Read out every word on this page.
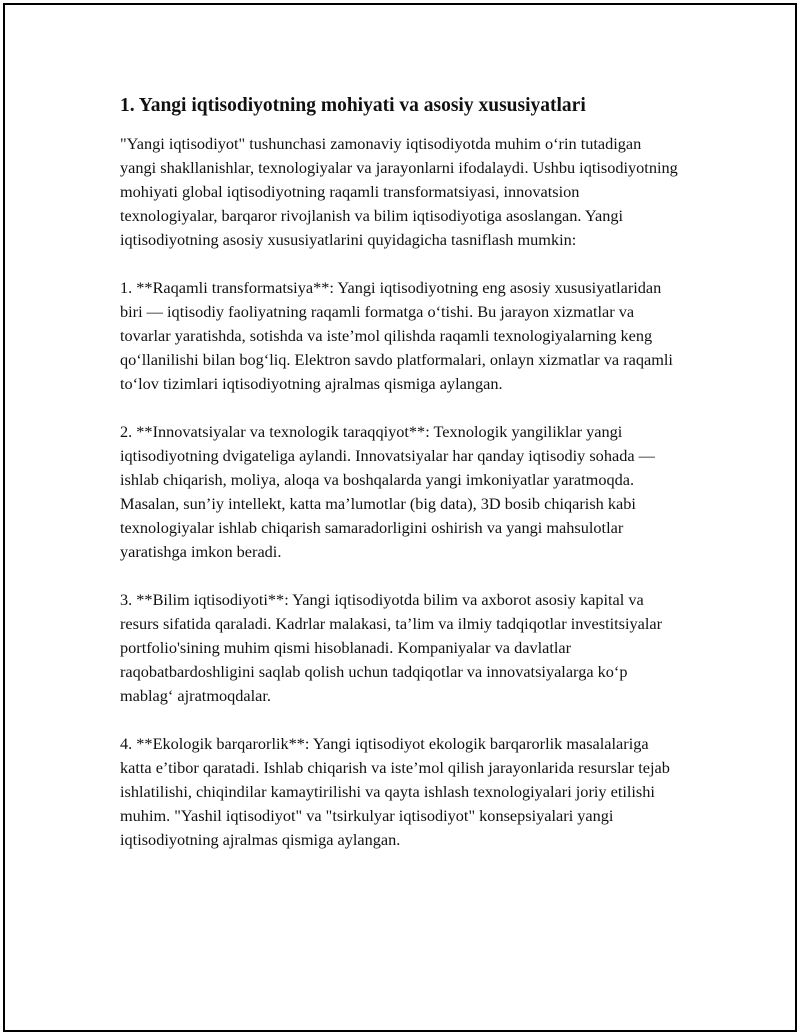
1. Yangi iqtisodiyotning mohiyati va asosiy xususiyatlari

"Yangi iqtisodiyot" tushunchasi zamonaviy iqtisodiyotda muhim o‘rin tutadigan yangi shakllanishlar, texnologiyalar va jarayonlarni ifodalaydi. Ushbu iqtisodiyotning mohiyati global iqtisodiyotning raqamli transformatsiyasi, innovatsion texnologiyalar, barqaror rivojlanish va bilim iqtisodiyotiga asoslangan. Yangi iqtisodiyotning asosiy xususiyatlarini quyidagicha tasniflash mumkin:

1. **Raqamli transformatsiya**: Yangi iqtisodiyotning eng asosiy xususiyatlaridan biri — iqtisodiy faoliyatning raqamli formatga o‘tishi. Bu jarayon xizmatlar va tovarlar yaratishda, sotishda va iste’mol qilishda raqamli texnologiyalarning keng qo‘llanilishi bilan bog‘liq. Elektron savdo platformalari, onlayn xizmatlar va raqamli to‘lov tizimlari iqtisodiyotning ajralmas qismiga aylangan.

2. **Innovatsiyalar va texnologik taraqqiyot**: Texnologik yangiliklar yangi iqtisodiyotning dvigateliga aylandi. Innovatsiyalar har qanday iqtisodiy sohada — ishlab chiqarish, moliya, aloqa va boshqalarda yangi imkoniyatlar yaratmoqda. Masalan, sun’iy intellekt, katta ma’lumotlar (big data), 3D bosib chiqarish kabi texnologiyalar ishlab chiqarish samaradorligini oshirish va yangi mahsulotlar yaratishga imkon beradi.

3. **Bilim iqtisodiyoti**: Yangi iqtisodiyotda bilim va axborot asosiy kapital va resurs sifatida qaraladi. Kadrlar malakasi, ta’lim va ilmiy tadqiqotlar investitsiyalar portfolio'sining muhim qismi hisoblanadi. Kompaniyalar va davlatlar raqobatbardoshligini saqlab qolish uchun tadqiqotlar va innovatsiyalarga ko‘p mablag‘ ajratmoqdalar.

4. **Ekologik barqarorlik**: Yangi iqtisodiyot ekologik barqarorlik masalalariga katta e’tibor qaratadi. Ishlab chiqarish va iste’mol qilish jarayonlarida resurslar tejab ishlatilishi, chiqindilar kamaytirilishi va qayta ishlash texnologiyalari joriy etilishi muhim. "Yashil iqtisodiyot" va "tsirkulyar iqtisodiyot" konsepsiyalari yangi iqtisodiyotning ajralmas qismiga aylangan.
